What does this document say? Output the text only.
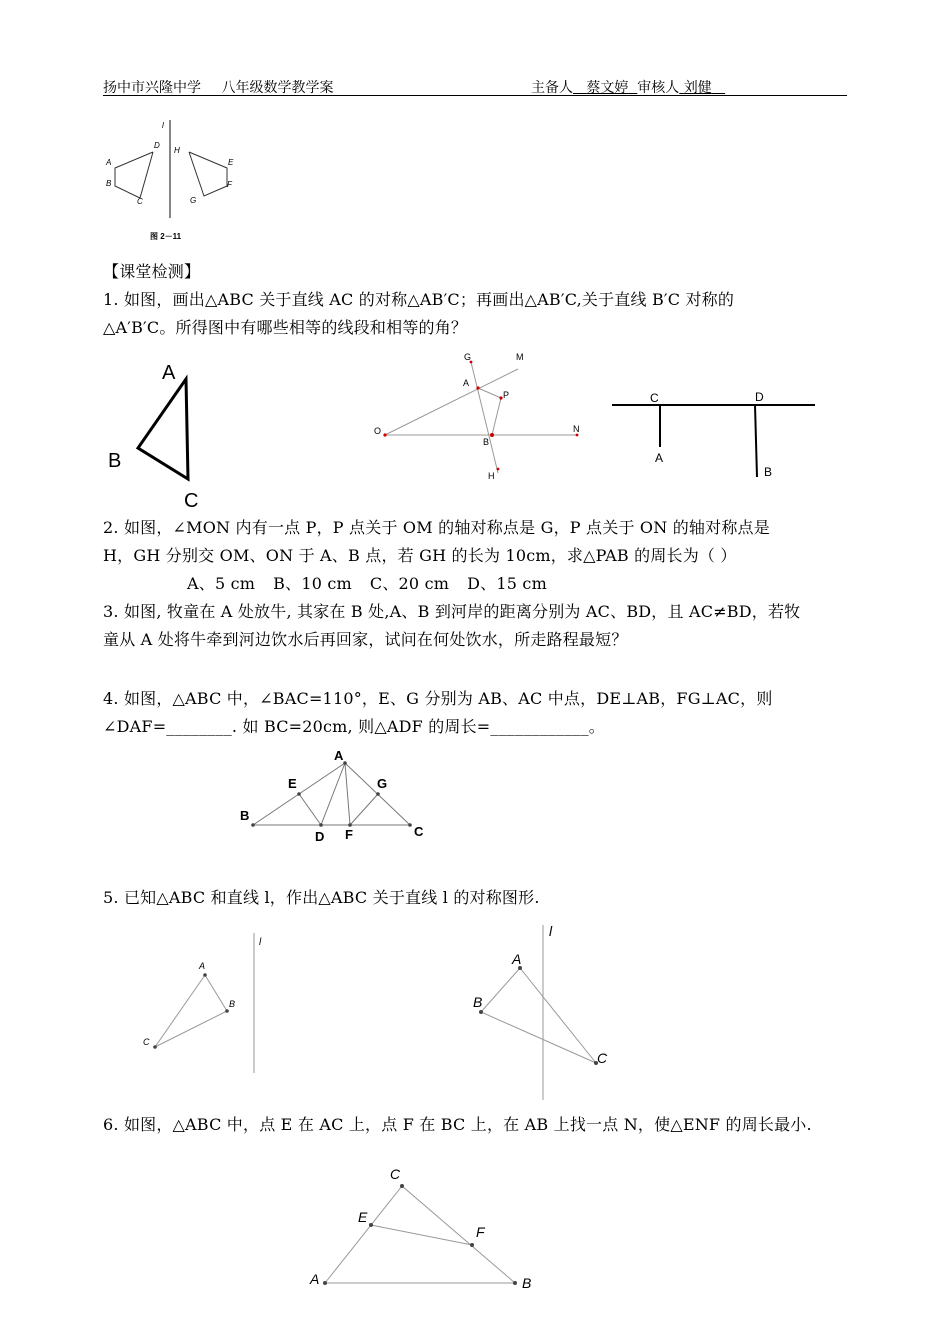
扬中市兴隆中学 八年级数学教学案	主备人 蔡文婷 审核人 刘健
l
D
H
A
B
C
E
F
G
图 2－11
【课堂检测】
1. 如图，画出△ABC 关于直线 AC 的对称△AB′C；再画出△AB′C,关于直线 B′C 对称的
△A′B′C。所得图中有哪些相等的线段和相等的角？
A
B
C
G	M
A
P
O
B
N
H
C	D
A
B
2. 如图，∠MON 内有一点 P，P 点关于 OM 的轴对称点是 G，P 点关于 ON 的轴对称点是
H，GH 分别交 OM、ON 于 A、B 点，若 GH 的长为 10cm，求△PAB 的周长为（ ）
A、5 cm B、10 cm C、20 cm D、15 cm
3. 如图, 牧童在 A 处放牛, 其家在 B 处,A、B 到河岸的距离分别为 AC、BD，且 AC≠BD，若牧
童从 A 处将牛牵到河边饮水后再回家，试问在何处饮水，所走路程最短？
4. 如图，△ABC 中，∠BAC=110°，E、G 分别为 AB、AC 中点，DE⊥AB，FG⊥AC，则
∠DAF=________. 如 BC=20cm, 则△ADF 的周长=____________。
A
E	G
B
D F	C
5. 已知△ABC 和直线 l，作出△ABC 关于直线 l 的对称图形.
l
A
B
C
l
A
B
C
6. 如图，△ABC 中，点 E 在 AC 上，点 F 在 BC 上，在 AB 上找一点 N，使△ENF 的周长最小.
C
E
F
A	B
